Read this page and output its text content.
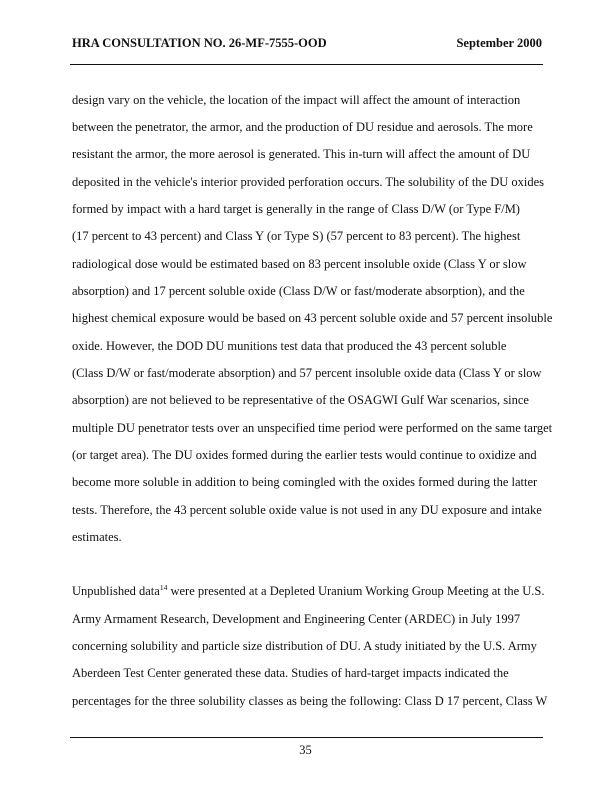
HRA CONSULTATION NO. 26-MF-7555-OOD	September 2000
design vary on the vehicle, the location of the impact will affect the amount of interaction
between the penetrator, the armor, and the production of DU residue and aerosols. The more
resistant the armor, the more aerosol is generated. This in-turn will affect the amount of DU
deposited in the vehicle's interior provided perforation occurs. The solubility of the DU oxides
formed by impact with a hard target is generally in the range of Class D/W (or Type F/M)
(17 percent to 43 percent) and Class Y (or Type S) (57 percent to 83 percent). The highest
radiological dose would be estimated based on 83 percent insoluble oxide (Class Y or slow
absorption) and 17 percent soluble oxide (Class D/W or fast/moderate absorption), and the
highest chemical exposure would be based on 43 percent soluble oxide and 57 percent insoluble
oxide. However, the DOD DU munitions test data that produced the 43 percent soluble
(Class D/W or fast/moderate absorption) and 57 percent insoluble oxide data (Class Y or slow
absorption) are not believed to be representative of the OSAGWI Gulf War scenarios, since
multiple DU penetrator tests over an unspecified time period were performed on the same target
(or target area). The DU oxides formed during the earlier tests would continue to oxidize and
become more soluble in addition to being comingled with the oxides formed during the latter
tests. Therefore, the 43 percent soluble oxide value is not used in any DU exposure and intake
estimates.
Unpublished data$^{14}$ were presented at a Depleted Uranium Working Group Meeting at the U.S.
Army Armament Research, Development and Engineering Center (ARDEC) in July 1997
concerning solubility and particle size distribution of DU. A study initiated by the U.S. Army
Aberdeen Test Center generated these data. Studies of hard-target impacts indicated the
percentages for the three solubility classes as being the following: Class D 17 percent, Class W
35
